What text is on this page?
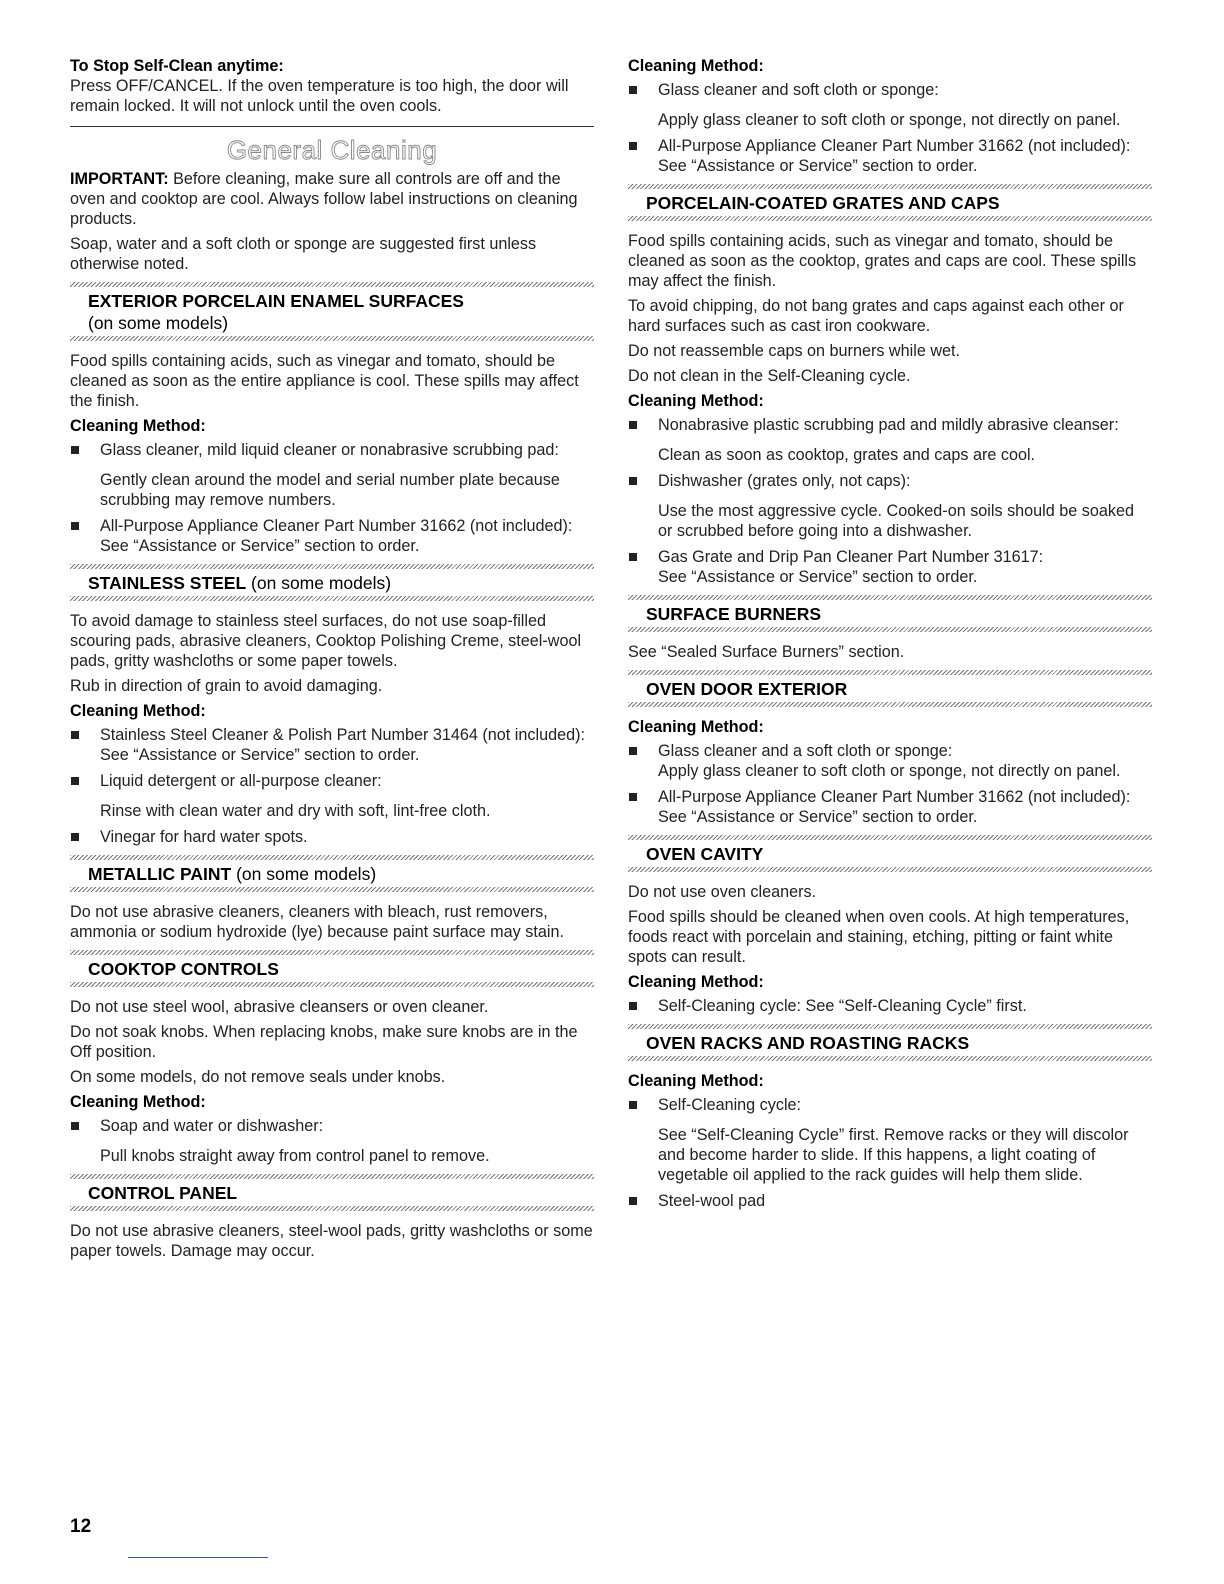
To Stop Self-Clean anytime:

Press OFF/CANCEL. If the oven temperature is too high, the door will remain locked. It will not unlock until the oven cools.

General Cleaning

IMPORTANT: Before cleaning, make sure all controls are off and the oven and cooktop are cool. Always follow label instructions on cleaning products.

Soap, water and a soft cloth or sponge are suggested first unless otherwise noted.

EXTERIOR PORCELAIN ENAMEL SURFACES
(on some models)

Food spills containing acids, such as vinegar and tomato, should be cleaned as soon as the entire appliance is cool. These spills may affect the finish.

Cleaning Method:

Glass cleaner, mild liquid cleaner or nonabrasive scrubbing pad:
Gently clean around the model and serial number plate because scrubbing may remove numbers.
All-Purpose Appliance Cleaner Part Number 31662 (not included):
See “Assistance or Service” section to order.
STAINLESS STEEL (on some models)

To avoid damage to stainless steel surfaces, do not use soap-filled scouring pads, abrasive cleaners, Cooktop Polishing Creme, steel-wool pads, gritty washcloths or some paper towels.

Rub in direction of grain to avoid damaging.

Cleaning Method:

Stainless Steel Cleaner & Polish Part Number 31464 (not included):
See “Assistance or Service” section to order.
Liquid detergent or all-purpose cleaner:
Rinse with clean water and dry with soft, lint-free cloth.
Vinegar for hard water spots.
METALLIC PAINT (on some models)

Do not use abrasive cleaners, cleaners with bleach, rust removers, ammonia or sodium hydroxide (lye) because paint surface may stain.

COOKTOP CONTROLS

Do not use steel wool, abrasive cleansers or oven cleaner.

Do not soak knobs. When replacing knobs, make sure knobs are in the Off position.

On some models, do not remove seals under knobs.

Cleaning Method:

Soap and water or dishwasher:
Pull knobs straight away from control panel to remove.
CONTROL PANEL

Do not use abrasive cleaners, steel-wool pads, gritty washcloths or some paper towels. Damage may occur.

Cleaning Method:

Glass cleaner and soft cloth or sponge:
Apply glass cleaner to soft cloth or sponge, not directly on panel.
All-Purpose Appliance Cleaner Part Number 31662 (not included):
See “Assistance or Service” section to order.
PORCELAIN-COATED GRATES AND CAPS

Food spills containing acids, such as vinegar and tomato, should be cleaned as soon as the cooktop, grates and caps are cool. These spills may affect the finish.

To avoid chipping, do not bang grates and caps against each other or hard surfaces such as cast iron cookware.

Do not reassemble caps on burners while wet.

Do not clean in the Self-Cleaning cycle.

Cleaning Method:

Nonabrasive plastic scrubbing pad and mildly abrasive cleanser:
Clean as soon as cooktop, grates and caps are cool.
Dishwasher (grates only, not caps):
Use the most aggressive cycle. Cooked-on soils should be soaked or scrubbed before going into a dishwasher.
Gas Grate and Drip Pan Cleaner Part Number 31617:
See “Assistance or Service” section to order.
SURFACE BURNERS

See “Sealed Surface Burners” section.

OVEN DOOR EXTERIOR

Cleaning Method:

Glass cleaner and a soft cloth or sponge:
Apply glass cleaner to soft cloth or sponge, not directly on panel.
All-Purpose Appliance Cleaner Part Number 31662 (not included):
See “Assistance or Service” section to order.
OVEN CAVITY

Do not use oven cleaners.

Food spills should be cleaned when oven cools. At high temperatures, foods react with porcelain and staining, etching, pitting or faint white spots can result.

Cleaning Method:

Self-Cleaning cycle: See “Self-Cleaning Cycle” first.
OVEN RACKS AND ROASTING RACKS

Cleaning Method:

Self-Cleaning cycle:
See “Self-Cleaning Cycle” first. Remove racks or they will discolor and become harder to slide. If this happens, a light coating of vegetable oil applied to the rack guides will help them slide.
Steel-wool pad
12
